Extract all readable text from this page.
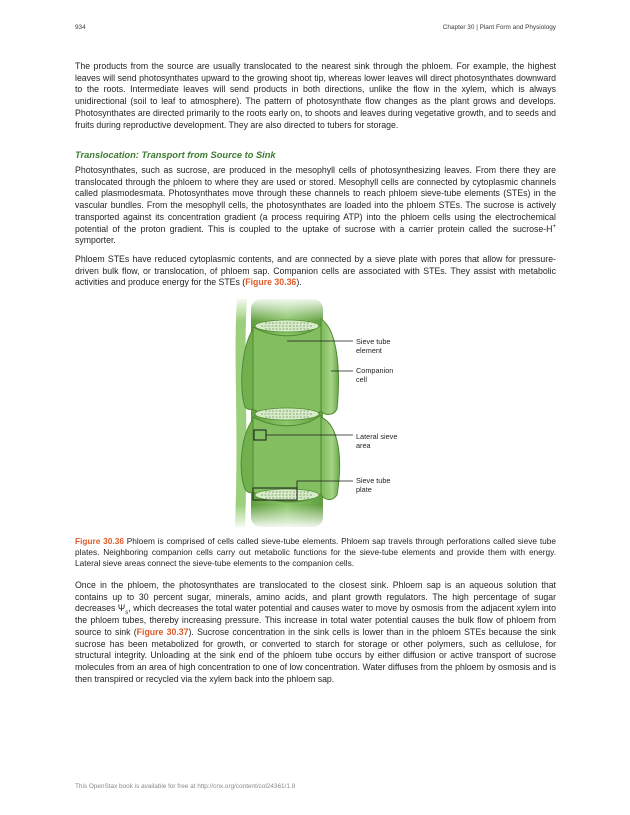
934	Chapter 30 | Plant Form and Physiology

The products from the source are usually translocated to the nearest sink through the phloem. For example, the highest leaves will send photosynthates upward to the growing shoot tip, whereas lower leaves will direct photosynthates downward to the roots. Intermediate leaves will send products in both directions, unlike the flow in the xylem, which is always unidirectional (soil to leaf to atmosphere). The pattern of photosynthate flow changes as the plant grows and develops. Photosynthates are directed primarily to the roots early on, to shoots and leaves during vegetative growth, and to seeds and fruits during reproductive development. They are also directed to tubers for storage.

Translocation: Transport from Source to Sink

Photosynthates, such as sucrose, are produced in the mesophyll cells of photosynthesizing leaves. From there they are translocated through the phloem to where they are used or stored. Mesophyll cells are connected by cytoplasmic channels called plasmodesmata. Photosynthates move through these channels to reach phloem sieve-tube elements (STEs) in the vascular bundles. From the mesophyll cells, the photosynthates are loaded into the phloem STEs. The sucrose is actively transported against its concentration gradient (a process requiring ATP) into the phloem cells using the electrochemical potential of the proton gradient. This is coupled to the uptake of sucrose with a carrier protein called the sucrose-H+ symporter.

Phloem STEs have reduced cytoplasmic contents, and are connected by a sieve plate with pores that allow for pressure-driven bulk flow, or translocation, of phloem sap. Companion cells are associated with STEs. They assist with metabolic activities and produce energy for the STEs (Figure 30.36).

Sieve tube
element
Companion
cell
Lateral sieve
area
Sieve tube
plate

Figure 30.36 Phloem is comprised of cells called sieve-tube elements. Phloem sap travels through perforations called sieve tube plates. Neighboring companion cells carry out metabolic functions for the sieve-tube elements and provide them with energy. Lateral sieve areas connect the sieve-tube elements to the companion cells.

Once in the phloem, the photosynthates are translocated to the closest sink. Phloem sap is an aqueous solution that contains up to 30 percent sugar, minerals, amino acids, and plant growth regulators. The high percentage of sugar decreases $\Psi_s$, which decreases the total water potential and causes water to move by osmosis from the adjacent xylem into the phloem tubes, thereby increasing pressure. This increase in total water potential causes the bulk flow of phloem from source to sink (Figure 30.37). Sucrose concentration in the sink cells is lower than in the phloem STEs because the sink sucrose has been metabolized for growth, or converted to starch for storage or other polymers, such as cellulose, for structural integrity. Unloading at the sink end of the phloem tube occurs by either diffusion or active transport of sucrose molecules from an area of high concentration to one of low concentration. Water diffuses from the phloem by osmosis and is then transpired or recycled via the xylem back into the phloem sap.

This OpenStax book is available for free at http://cnx.org/content/col24361/1.8
